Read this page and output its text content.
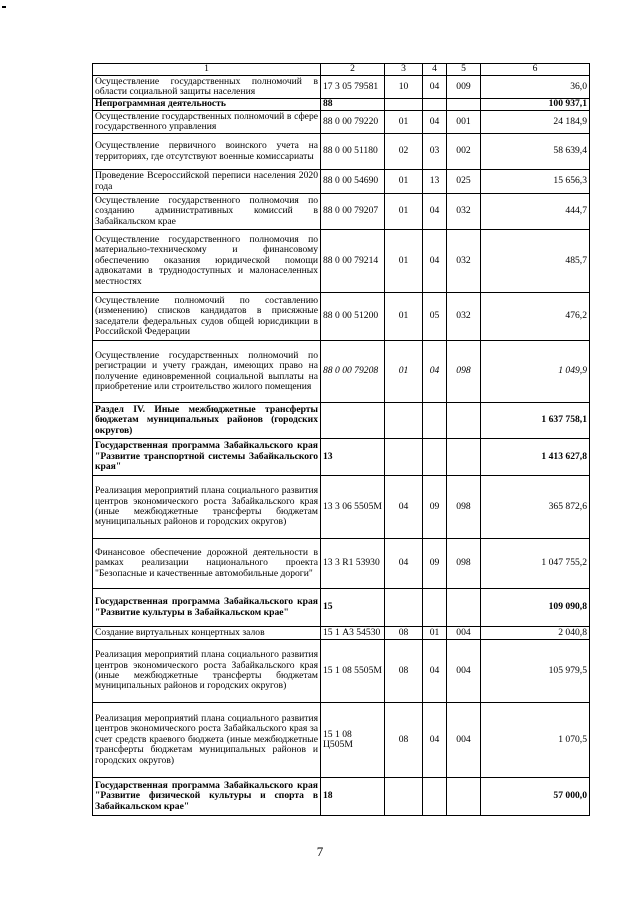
1	2	3	4	5	6
Осуществление государственных полномочий в области социальной защиты населения	17 3 05 79581	10	04	009	36,0
Непрограммная деятельность	88				100 937,1
Осуществление государственных полномочий в сфере государственного управления	88 0 00 79220	01	04	001	24 184,9
Осуществление первичного воинского учета на территориях, где отсутствуют военные комиссариаты	88 0 00 51180	02	03	002	58 639,4
Проведение Всероссийской переписи населения 2020 года	88 0 00 54690	01	13	025	15 656,3
Осуществление государственного полномочия по созданию административных комиссий в Забайкальском крае	88 0 00 79207	01	04	032	444,7
Осуществление государственного полномочия по материально-техническому и финансовому обеспечению оказания юридической помощи адвокатами в труднодоступных и малонаселенных местностях	88 0 00 79214	01	04	032	485,7
Осуществление полномочий по составлению (изменению) списков кандидатов в присяжные заседатели федеральных судов общей юрисдикции в Российской Федерации	88 0 00 51200	01	05	032	476,2
Осуществление государственных полномочий по регистрации и учету граждан, имеющих право на получение единовременной социальной выплаты на приобретение или строительство жилого помещения	88 0 00 79208	01	04	098	1 049,9
Раздел IV. Иные межбюджетные трансферты бюджетам муниципальных районов (городских округов)					1 637 758,1
Государственная программа Забайкальского края "Развитие транспортной системы Забайкальского края"	13				1 413 627,8
Реализация мероприятий плана социального развития центров экономического роста Забайкальского края (иные межбюджетные трансферты бюджетам муниципальных районов и городских округов)	13 3 06 5505М	04	09	098	365 872,6
Финансовое обеспечение дорожной деятельности в рамках реализации национального проекта "Безопасные и качественные автомобильные дороги"	13 3 R1 53930	04	09	098	1 047 755,2
Государственная программа Забайкальского края "Развитие культуры в Забайкальском крае"	15				109 090,8
Создание виртуальных концертных залов	15 1 А3 54530	08	01	004	2 040,8
Реализация мероприятий плана социального развития центров экономического роста Забайкальского края (иные межбюджетные трансферты бюджетам муниципальных районов и городских округов)	15 1 08 5505М	08	04	004	105 979,5
Реализация мероприятий плана социального развития центров экономического роста Забайкальского края за счет средств краевого бюджета (иные межбюджетные трансферты бюджетам муниципальных районов и городских округов)	15 1 08 Ц505М	08	04	004	1 070,5
Государственная программа Забайкальского края "Развитие физической культуры и спорта в Забайкальском крае"	18				57 000,0
7
